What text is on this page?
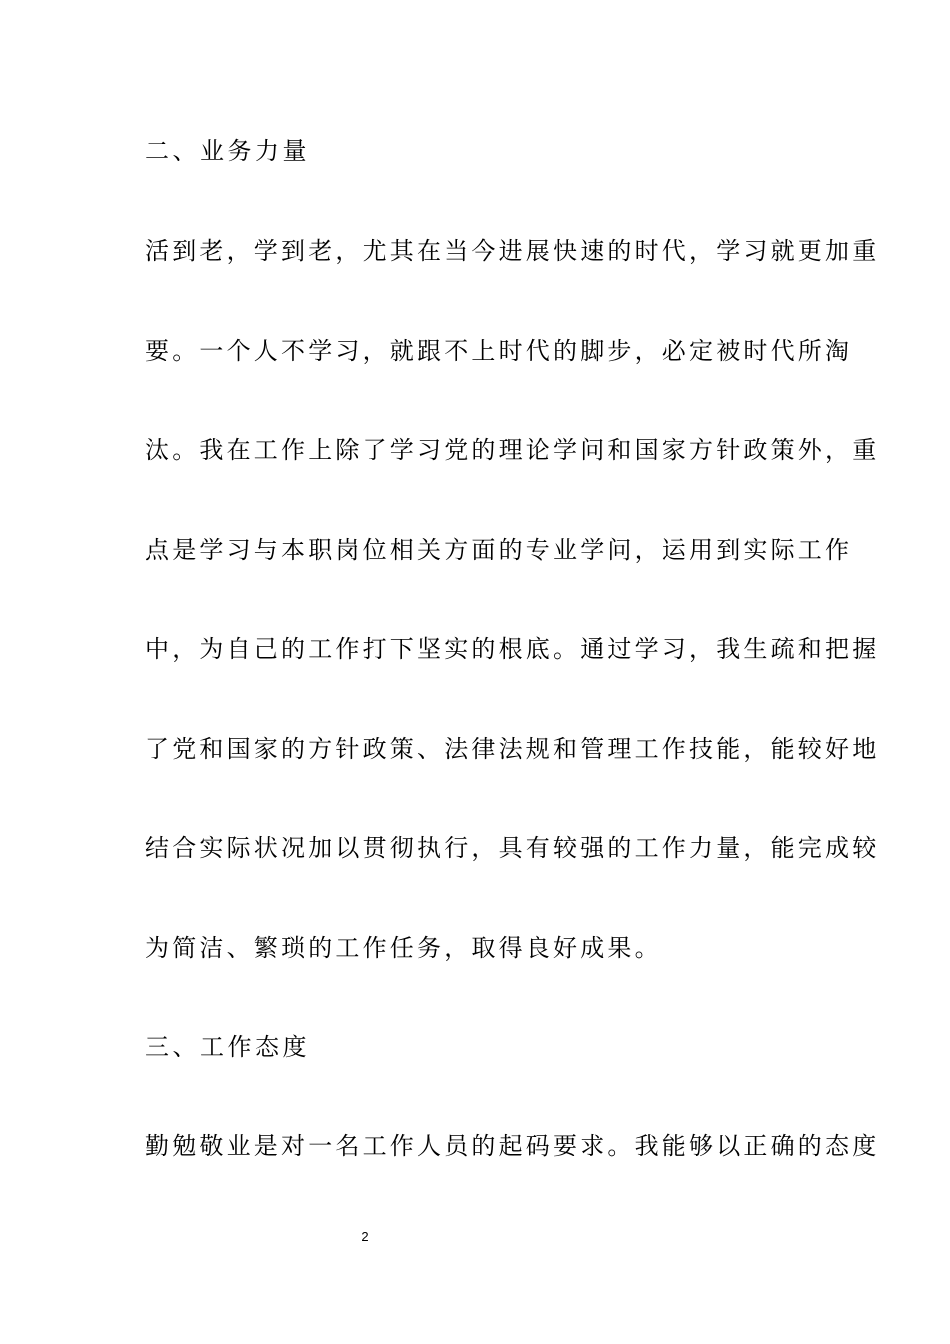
二、业务力量
活到老，学到老，尤其在当今进展快速的时代，学习就更加重
要。一个人不学习，就跟不上时代的脚步，必定被时代所淘
汰。我在工作上除了学习党的理论学问和国家方针政策外，重
点是学习与本职岗位相关方面的专业学问，运用到实际工作
中，为自己的工作打下坚实的根底。通过学习，我生疏和把握
了党和国家的方针政策、法律法规和管理工作技能，能较好地
结合实际状况加以贯彻执行，具有较强的工作力量，能完成较
为简洁、繁琐的工作任务，取得良好成果。
三、工作态度
勤勉敬业是对一名工作人员的起码要求。我能够以正确的态度
2
